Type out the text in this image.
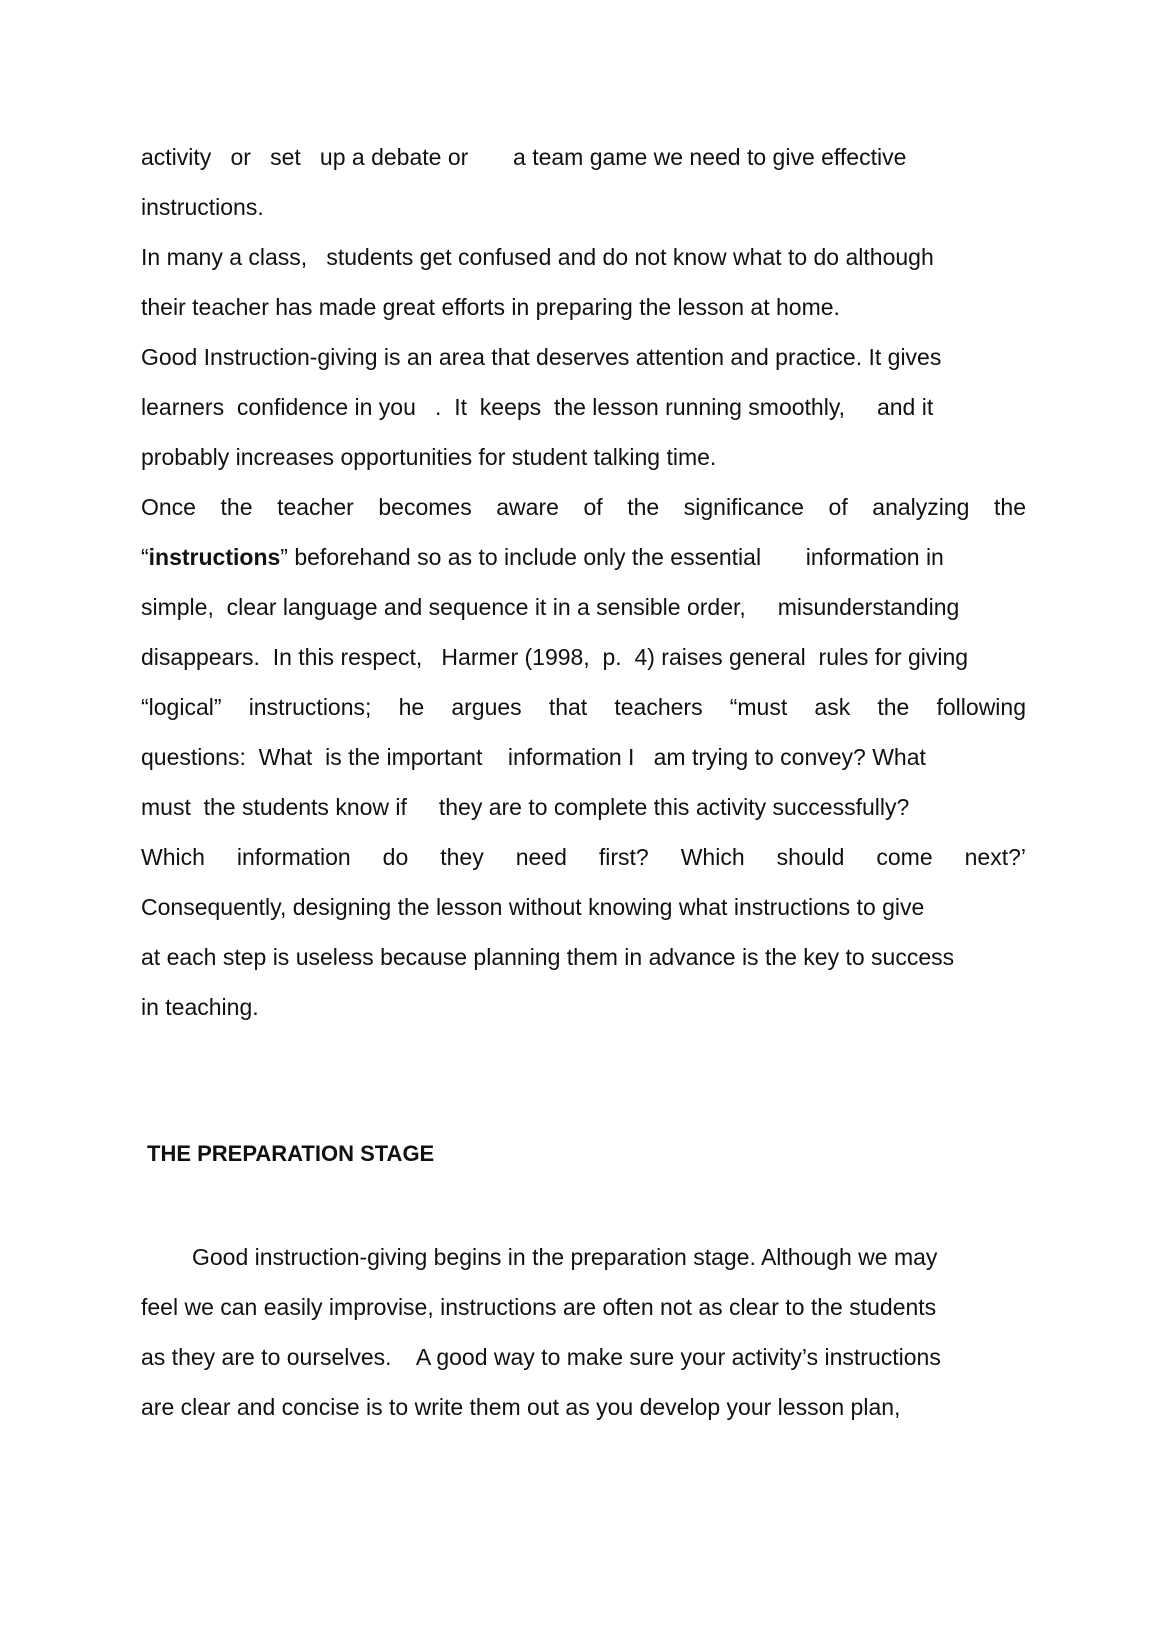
activity   or   set   up a debate or       a team game we need to give effective
instructions.
In many a class,   students get confused and do not know what to do although
their teacher has made great efforts in preparing the lesson at home.
Good Instruction-giving is an area that deserves attention and practice. It gives
learners  confidence in you   .  It  keeps  the lesson running smoothly,     and it
probably increases opportunities for student talking time.
Once the teacher becomes aware of the significance of analyzing the
“instructions” beforehand so as to include only the essential       information in
simple,  clear language and sequence it in a sensible order,     misunderstanding
disappears.  In this respect,   Harmer (1998,  p.  4) raises general  rules for giving
“logical” instructions; he argues that teachers “must ask the following
questions:  What  is the important    information I   am trying to convey? What
must  the students know if     they are to complete this activity successfully?
Which information do they need first? Which should come next?’
Consequently, designing the lesson without knowing what instructions to give
at each step is useless because planning them in advance is the key to success
in teaching.
THE PREPARATION STAGE
Good instruction-giving begins in the preparation stage. Although we may
feel we can easily improvise, instructions are often not as clear to the students
as they are to ourselves.    A good way to make sure your activity’s instructions
are clear and concise is to write them out as you develop your lesson plan,
